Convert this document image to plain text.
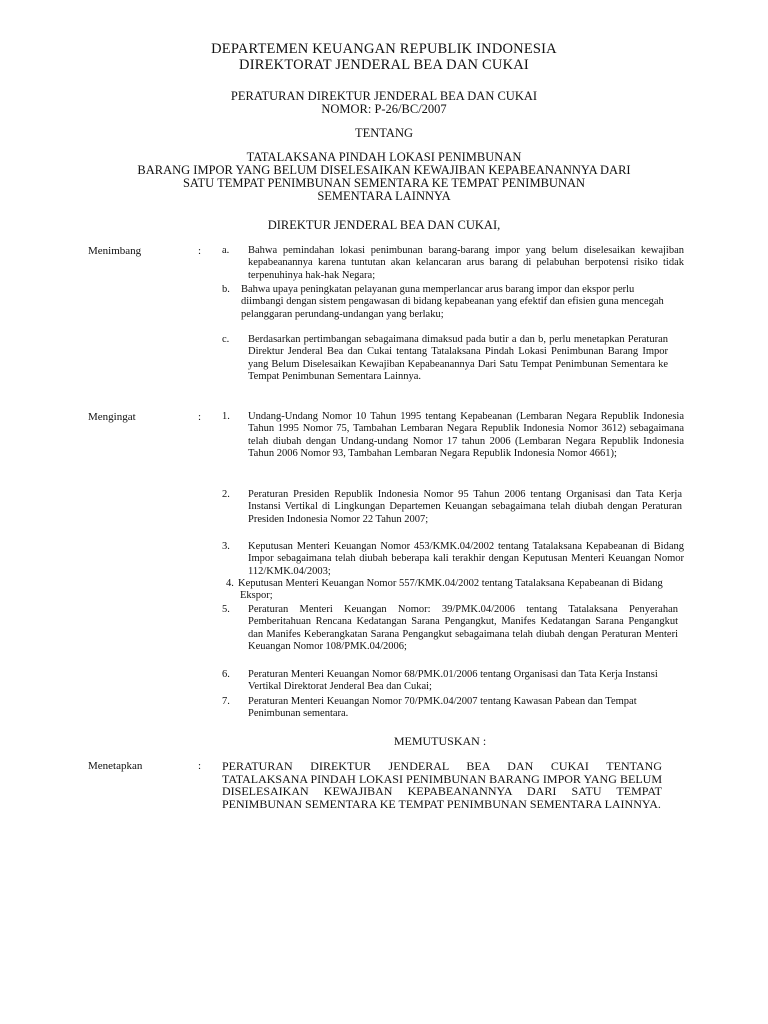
DEPARTEMEN KEUANGAN REPUBLIK INDONESIA
DIREKTORAT JENDERAL BEA DAN CUKAI
PERATURAN DIREKTUR JENDERAL BEA DAN CUKAI
NOMOR: P-26/BC/2007
TENTANG
TATALAKSANA PINDAH LOKASI PENIMBUNAN
BARANG IMPOR YANG BELUM DISELESAIKAN KEWAJIBAN KEPABEANANNYA DARI
SATU TEMPAT PENIMBUNAN SEMENTARA KE TEMPAT PENIMBUNAN
SEMENTARA LAINNYA
DIREKTUR JENDERAL BEA DAN CUKAI,
Menimbang	: a. Bahwa pemindahan lokasi penimbunan barang-barang impor yang belum diselesaikan kewajiban kepabeanannya karena tuntutan akan kelancaran arus barang di pelabuhan berpotensi risiko tidak terpenuhinya hak-hak Negara;
b. Bahwa upaya peningkatan pelayanan guna memperlancar arus barang impor dan ekspor perlu diimbangi dengan sistem pengawasan di bidang kepabeanan yang efektif dan efisien guna mencegah pelanggaran perundang-undangan yang berlaku;
c. Berdasarkan pertimbangan sebagaimana dimaksud pada butir a dan b, perlu menetapkan Peraturan Direktur Jenderal Bea dan Cukai tentang Tatalaksana Pindah Lokasi Penimbunan Barang Impor yang Belum Diselesaikan Kewajiban Kepabeanannya Dari Satu Tempat Penimbunan Sementara ke Tempat Penimbunan Sementara Lainnya.
Mengingat	: 1. Undang-Undang Nomor 10 Tahun 1995 tentang Kepabeanan (Lembaran Negara Republik Indonesia Tahun 1995 Nomor 75, Tambahan Lembaran Negara Republik Indonesia Nomor 3612) sebagaimana telah diubah dengan Undang-undang Nomor 17 tahun 2006 (Lembaran Negara Republik Indonesia Tahun 2006 Nomor 93, Tambahan Lembaran Negara Republik Indonesia Nomor 4661);
2. Peraturan Presiden Republik Indonesia Nomor 95 Tahun 2006 tentang Organisasi dan Tata Kerja Instansi Vertikal di Lingkungan Departemen Keuangan sebagaimana telah diubah dengan Peraturan Presiden Indonesia Nomor 22 Tahun 2007;
3. Keputusan Menteri Keuangan Nomor 453/KMK.04/2002 tentang Tatalaksana Kepabeanan di Bidang Impor sebagaimana telah diubah beberapa kali terakhir dengan Keputusan Menteri Keuangan Nomor 112/KMK.04/2003;
4. Keputusan Menteri Keuangan Nomor 557/KMK.04/2002 tentang Tatalaksana Kepabeanan di Bidang Ekspor;
5. Peraturan Menteri Keuangan Nomor: 39/PMK.04/2006 tentang Tatalaksana Penyerahan Pemberitahuan Rencana Kedatangan Sarana Pengangkut, Manifes Kedatangan Sarana Pengangkut dan Manifes Keberangkatan Sarana Pengangkut sebagaimana telah diubah dengan Peraturan Menteri Keuangan Nomor 108/PMK.04/2006;
6. Peraturan Menteri Keuangan Nomor 68/PMK.01/2006 tentang Organisasi dan Tata Kerja Instansi Vertikal Direktorat Jenderal Bea dan Cukai;
7. Peraturan Menteri Keuangan Nomor 70/PMK.04/2007 tentang Kawasan Pabean dan Tempat Penimbunan sementara.
MEMUTUSKAN :
Menetapkan	: PERATURAN DIREKTUR JENDERAL BEA DAN CUKAI TENTANG TATALAKSANA PINDAH LOKASI PENIMBUNAN BARANG IMPOR YANG BELUM DISELESAIKAN KEWAJIBAN KEPABEANANNYA DARI SATU TEMPAT PENIMBUNAN SEMENTARA KE TEMPAT PENIMBUNAN SEMENTARA LAINNYA.
